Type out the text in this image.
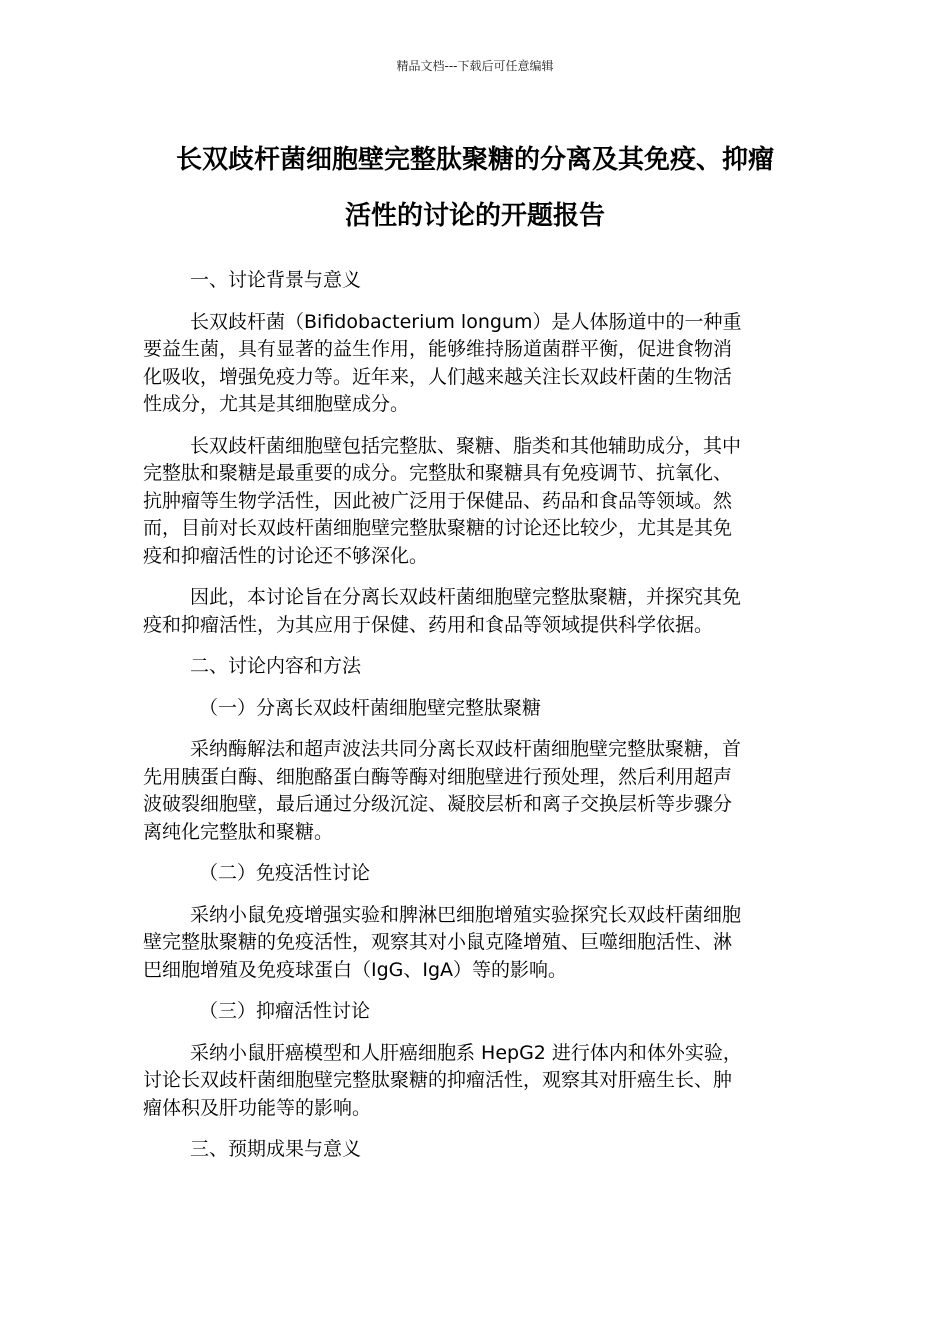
精品文档---下载后可任意编辑
长双歧杆菌细胞壁完整肽聚糖的分离及其免疫、抑瘤
活性的讨论的开题报告
一、讨论背景与意义
长双歧杆菌（Bifidobacterium longum）是人体肠道中的一种重
要益生菌，具有显著的益生作用，能够维持肠道菌群平衡，促进食物消
化吸收，增强免疫力等。近年来，人们越来越关注长双歧杆菌的生物活
性成分，尤其是其细胞壁成分。
长双歧杆菌细胞壁包括完整肽、聚糖、脂类和其他辅助成分，其中
完整肽和聚糖是最重要的成分。完整肽和聚糖具有免疫调节、抗氧化、
抗肿瘤等生物学活性，因此被广泛用于保健品、药品和食品等领域。然
而，目前对长双歧杆菌细胞壁完整肽聚糖的讨论还比较少，尤其是其免
疫和抑瘤活性的讨论还不够深化。
因此，本讨论旨在分离长双歧杆菌细胞壁完整肽聚糖，并探究其免
疫和抑瘤活性，为其应用于保健、药用和食品等领域提供科学依据。
二、讨论内容和方法
（一）分离长双歧杆菌细胞壁完整肽聚糖
采纳酶解法和超声波法共同分离长双歧杆菌细胞壁完整肽聚糖，首
先用胰蛋白酶、细胞酪蛋白酶等酶对细胞壁进行预处理，然后利用超声
波破裂细胞壁，最后通过分级沉淀、凝胶层析和离子交换层析等步骤分
离纯化完整肽和聚糖。
（二）免疫活性讨论
采纳小鼠免疫增强实验和脾淋巴细胞增殖实验探究长双歧杆菌细胞
壁完整肽聚糖的免疫活性，观察其对小鼠克隆增殖、巨噬细胞活性、淋
巴细胞增殖及免疫球蛋白（IgG、IgA）等的影响。
（三）抑瘤活性讨论
采纳小鼠肝癌模型和人肝癌细胞系 HepG2 进行体内和体外实验，
讨论长双歧杆菌细胞壁完整肽聚糖的抑瘤活性，观察其对肝癌生长、肿
瘤体积及肝功能等的影响。
三、预期成果与意义
